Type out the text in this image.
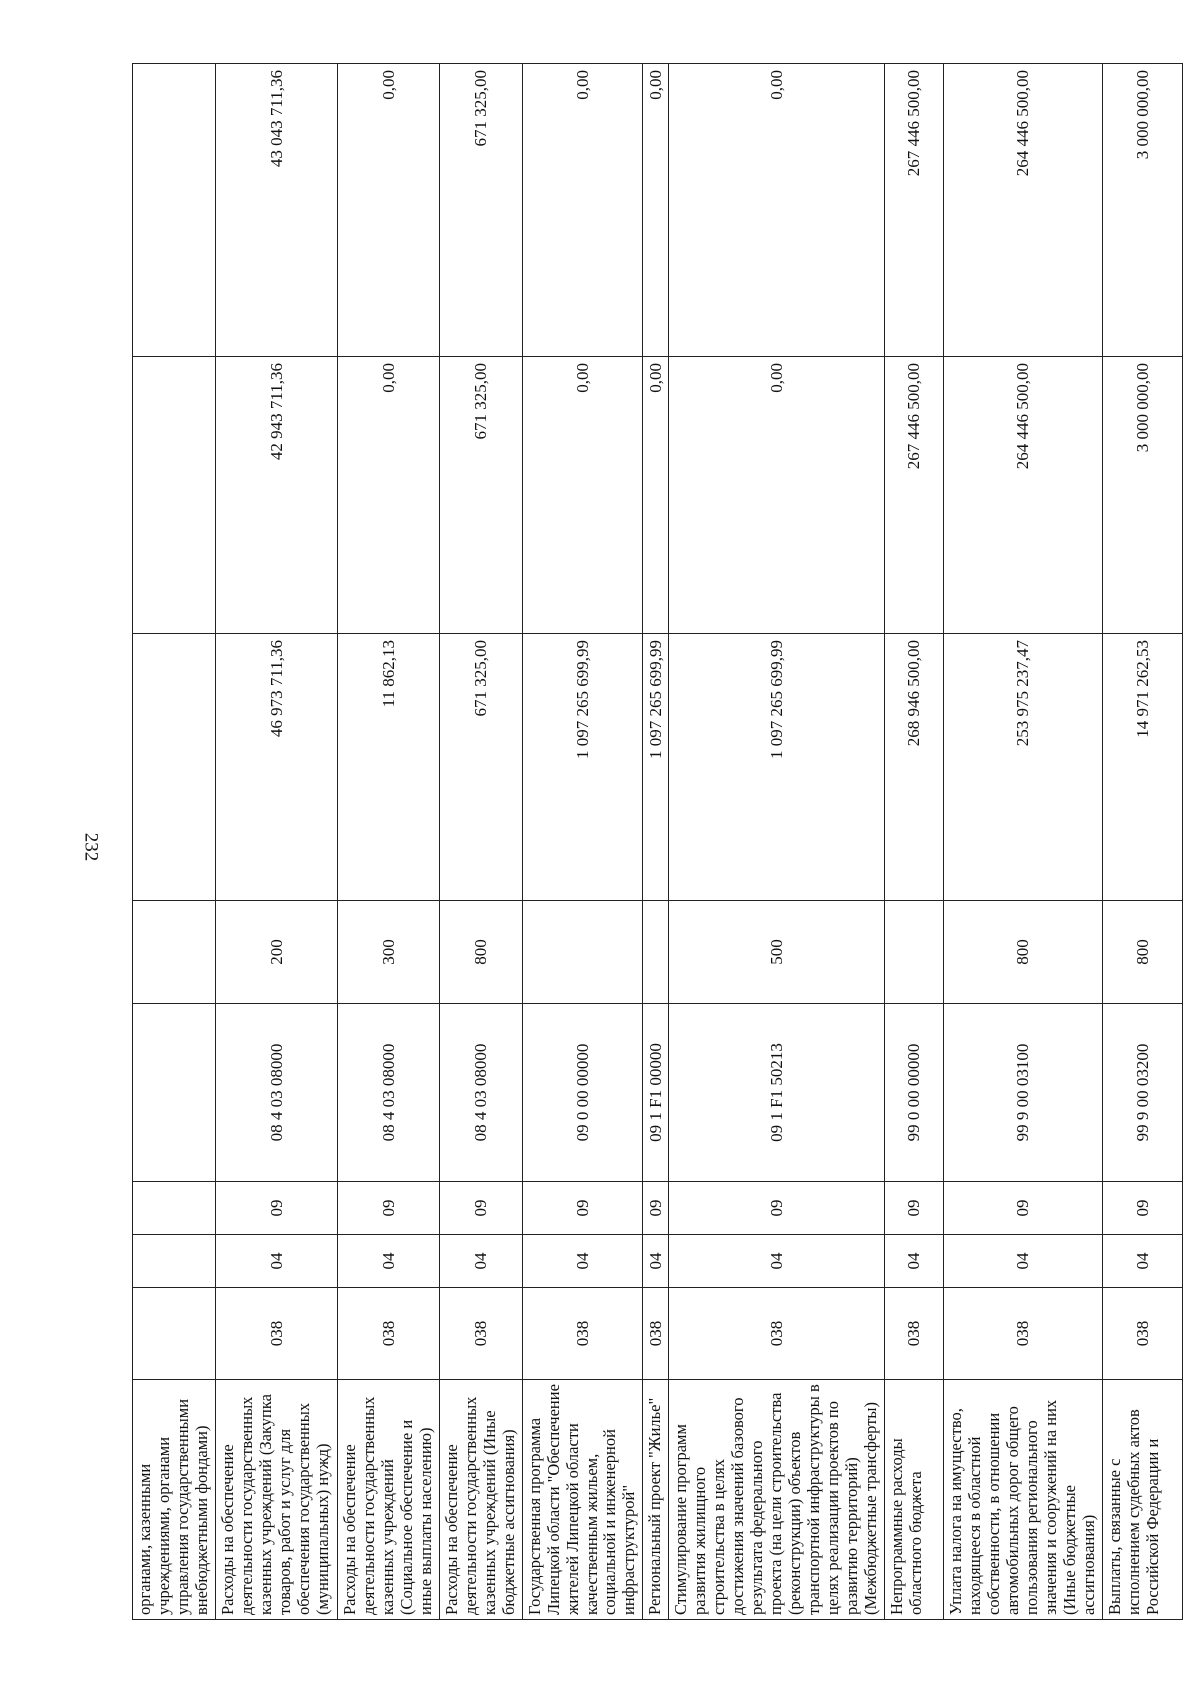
232
органами, казенными учреждениями, органами управления государственными внебюджетными фондами)								
Расходы на обеспечение деятельности государственных казенных учреждений (Закупка товаров, работ и услуг для обеспечения государственных (муниципальных) нужд)	038	04	09	08 4 03 08000	200	46 973 711,36	42 943 711,36	43 043 711,36
Расходы на обеспечение деятельности государственных казенных учреждений (Социальное обеспечение и иные выплаты населению)	038	04	09	08 4 03 08000	300	11 862,13	0,00	0,00
Расходы на обеспечение деятельности государственных казенных учреждений (Иные бюджетные ассигнования)	038	04	09	08 4 03 08000	800	671 325,00	671 325,00	671 325,00
Государственная программа Липецкой области "Обеспечение жителей Липецкой области качественным жильем, социальной и инженерной инфраструктурой"	038	04	09	09 0 00 00000		1 097 265 699,99	0,00	0,00
Региональный проект "Жилье"	038	04	09	09 1 F1 00000		1 097 265 699,99	0,00	0,00
Стимулирование программ развития жилищного строительства в целях достижения значений базового результата федерального проекта (на цели строительства (реконструкции) объектов транспортной инфраструктуры в целях реализации проектов по развитию территорий) (Межбюджетные трансферты)	038	04	09	09 1 F1 50213	500	1 097 265 699,99	0,00	0,00
Непрограммные расходы областного бюджета	038	04	09	99 0 00 00000		268 946 500,00	267 446 500,00	267 446 500,00
Уплата налога на имущество, находящееся в областной собственности, в отношении автомобильных дорог общего пользования регионального значения и сооружений на них (Иные бюджетные ассигнования)	038	04	09	99 9 00 03100	800	253 975 237,47	264 446 500,00	264 446 500,00
Выплаты, связанные с исполнением судебных актов Российской Федерации и	038	04	09	99 9 00 03200	800	14 971 262,53	3 000 000,00	3 000 000,00
